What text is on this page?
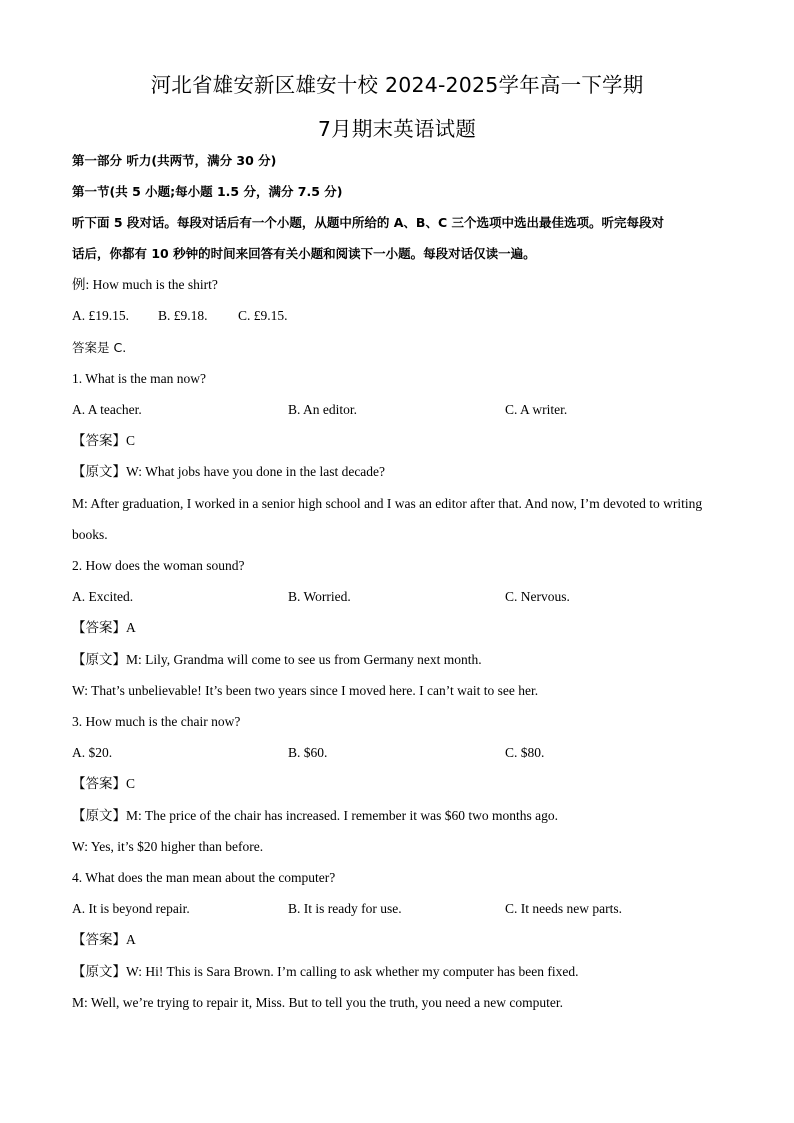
河北省雄安新区雄安十校 2024-2025学年高一下学期
7月期末英语试题
第一部分 听力(共两节，满分 30 分)
第一节(共 5 小题;每小题 1.5 分，满分 7.5 分)
听下面 5 段对话。每段对话后有一个小题，从题中所给的 A、B、C 三个选项中选出最佳选项。听完每段对
话后，你都有 10 秒钟的时间来回答有关小题和阅读下一小题。每段对话仅读一遍。
例: How much is the shirt?
A. £19.15. B. £9.18. C. £9.15.
答案是 C.
1. What is the man now?
A. A teacher.	B. An editor.	C. A writer.
【答案】C
【原文】W: What jobs have you done in the last decade?
M: After graduation, I worked in a senior high school and I was an editor after that. And now, I’m devoted to writing
books.
2. How does the woman sound?
A. Excited.	B. Worried.	C. Nervous.
【答案】A
【原文】M: Lily, Grandma will come to see us from Germany next month.
W: That’s unbelievable! It’s been two years since I moved here. I can’t wait to see her.
3. How much is the chair now?
A. $20.	B. $60.	C. $80.
【答案】C
【原文】M: The price of the chair has increased. I remember it was $60 two months ago.
W: Yes, it’s $20 higher than before.
4. What does the man mean about the computer?
A. It is beyond repair.	B. It is ready for use.	C. It needs new parts.
【答案】A
【原文】W: Hi! This is Sara Brown. I’m calling to ask whether my computer has been fixed.
M: Well, we’re trying to repair it, Miss. But to tell you the truth, you need a new computer.
